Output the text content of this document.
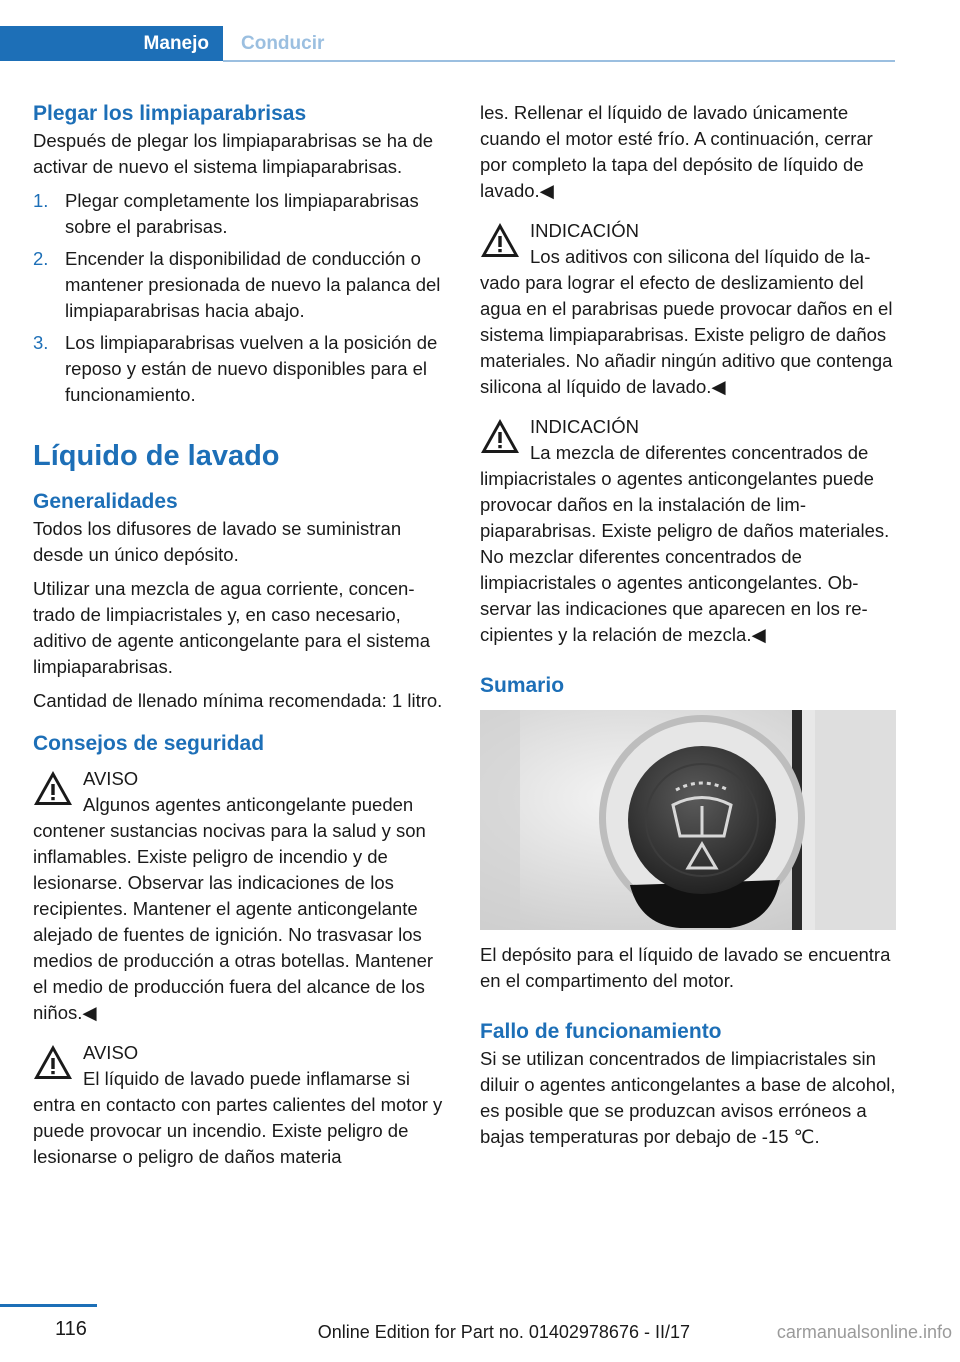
Manejo	Conducir
Plegar los limpiaparabrisas

Después de plegar los limpiaparabrisas se ha de activar de nuevo el sistema limpiaparabrisas.

1. Plegar completamente los limpiaparabrisas sobre el parabrisas.
2. Encender la disponibilidad de conducción o mantener presionada de nuevo la palanca del limpiaparabrisas hacia abajo.
3. Los limpiaparabrisas vuelven a la posición de reposo y están de nuevo disponibles para el funcionamiento.
Líquido de lavado
Generalidades

Todos los difusores de lavado se suministran desde un único depósito.

Utilizar una mezcla de agua corriente, concentrado de limpiacristales y, en caso necesario, aditivo de agente anticongelante para el sistema limpiaparabrisas.

Cantidad de llenado mínima recomendada: 1 litro.

Consejos de seguridad
AVISO

Algunos agentes anticongelante pueden contener sustancias nocivas para la salud y son inflamables. Existe peligro de incendio y de lesionarse. Observar las indicaciones de los recipientes. Mantener el agente anticongelante alejado de fuentes de ignición. No trasvasar los medios de producción a otras botellas. Mantener el medio de producción fuera del alcance de los niños.◀

AVISO

El líquido de lavado puede inflamarse si entra en contacto con partes calientes del motor y puede provocar un incendio. Existe peligro de lesionarse o peligro de daños materia

les. Rellenar el líquido de lavado únicamente cuando el motor esté frío. A continuación, cerrar por completo la tapa del depósito de líquido de lavado.◀

INDICACIÓN

Los aditivos con silicona del líquido de lavado para lograr el efecto de deslizamiento del agua en el parabrisas puede provocar daños en el sistema limpiaparabrisas. Existe peligro de daños materiales. No añadir ningún aditivo que contenga silicona al líquido de lavado.◀

INDICACIÓN

La mezcla de diferentes concentrados de limpiacristales o agentes anticongelantes puede provocar daños en la instalación de limpiaparabrisas. Existe peligro de daños materiales. No mezclar diferentes concentrados de limpiacristales o agentes anticongelantes. Observar las indicaciones que aparecen en los recipientes y la relación de mezcla.◀

Sumario

El depósito para el líquido de lavado se encuentra en el compartimento del motor.

Fallo de funcionamiento

Si se utilizan concentrados de limpiacristales sin diluir o agentes anticongelantes a base de alcohol, es posible que se produzcan avisos erróneos a bajas temperaturas por debajo de -15 ℃.

116	Online Edition for Part no. 01402978676 - II/17	carmanualsonline.info
